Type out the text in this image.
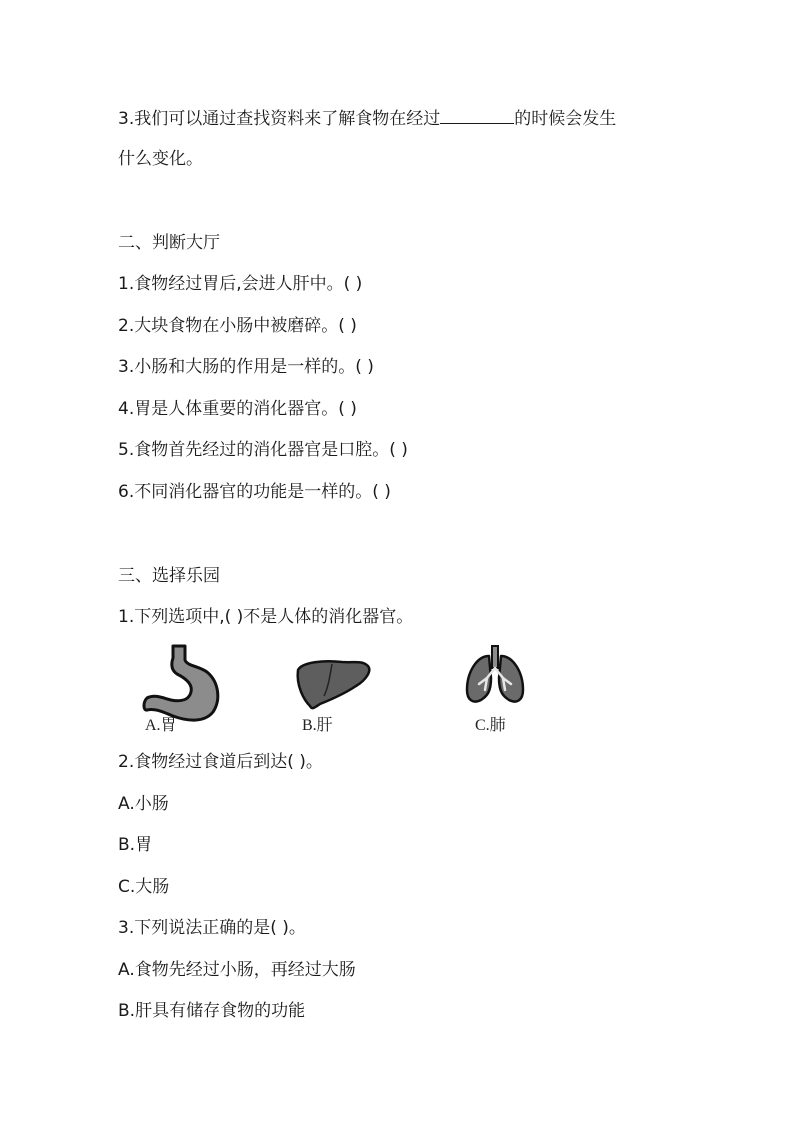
3.我们可以通过查找资料来了解食物在经过	的时候会发生
什么变化。
二、判断大厅
1.食物经过胃后,会进人肝中。( )
2.大块食物在小肠中被磨碎。( )
3.小肠和大肠的作用是一样的。( )
4.胃是人体重要的消化器官。( )
5.食物首先经过的消化器官是口腔。( )
6.不同消化器官的功能是一样的。( )
三、选择乐园
1.下列选项中,( )不是人体的消化器官。
A.胃	B.肝	C.肺
2.食物经过食道后到达( )。
A.小肠
B.胃
C.大肠
3.下列说法正确的是( )。
A.食物先经过小肠，再经过大肠
B.肝具有储存食物的功能
